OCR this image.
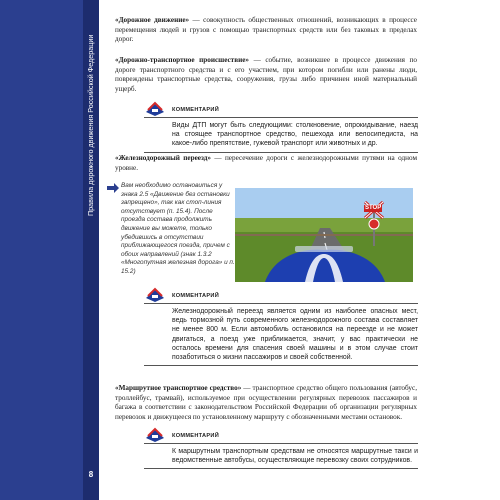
Правила дорожного движения Российской Федерации
8

«Дорожное движение» — совокупность общественных отношений, возникающих в процессе перемещения людей и грузов с помощью транспортных средств или без таковых в пределах дорог.

«Дорожно-транспортное происшествие» — событие, возникшее в процессе движения по дороге транспортного средства и с его участием, при котором погибли или ранены люди, повреждены транспортные средства, сооружения, грузы либо причинен иной материальный ущерб.

КОММЕНТАРИЙ
Виды ДТП могут быть следующими: столкновение, опрокидывание, наезд на стоящее транспортное средство, пешехода или велосипедиста, на какое-либо препятствие, гужевой транспорт или животных и др.

«Железнодорожный переезд» — пересечение дороги с железнодорожными путями на одном уровне.

Вам необходимо остановиться у знака 2.5 «Движение без остановки запрещено», так как стоп-линия отсутствует (п. 15.4). После проезда состава продолжить движение вы можете, только убедившись в отсутствии приближающегося поезда, причем с обоих направлений (знак 1.3.2 «Многопутная железная дорога» и п. 15.2)
STOP
КОММЕНТАРИЙ
Железнодорожный переезд является одним из наиболее опасных мест, ведь тормозной путь современного железнодорожного состава составляет не менее 800 м. Если автомобиль остановился на переезде и не может двигаться, а поезд уже приближается, значит, у вас практически не осталось времени для спасения своей машины и в этом случае стоит позаботиться о жизни пассажиров и своей собственной.

«Маршрутное транспортное средство» — транспортное средство общего пользования (автобус, троллейбус, трамвай), используемое при осуществлении регулярных перевозок пассажиров и багажа в соответствии с законодательством Российской Федерации об организации регулярных перевозок и движущееся по установленному маршруту с обозначенными местами остановок.

КОММЕНТАРИЙ
К маршрутным транспортным средствам не относятся маршрутные такси и ведомственные автобусы, осуществляющие перевозку своих сотрудников.
